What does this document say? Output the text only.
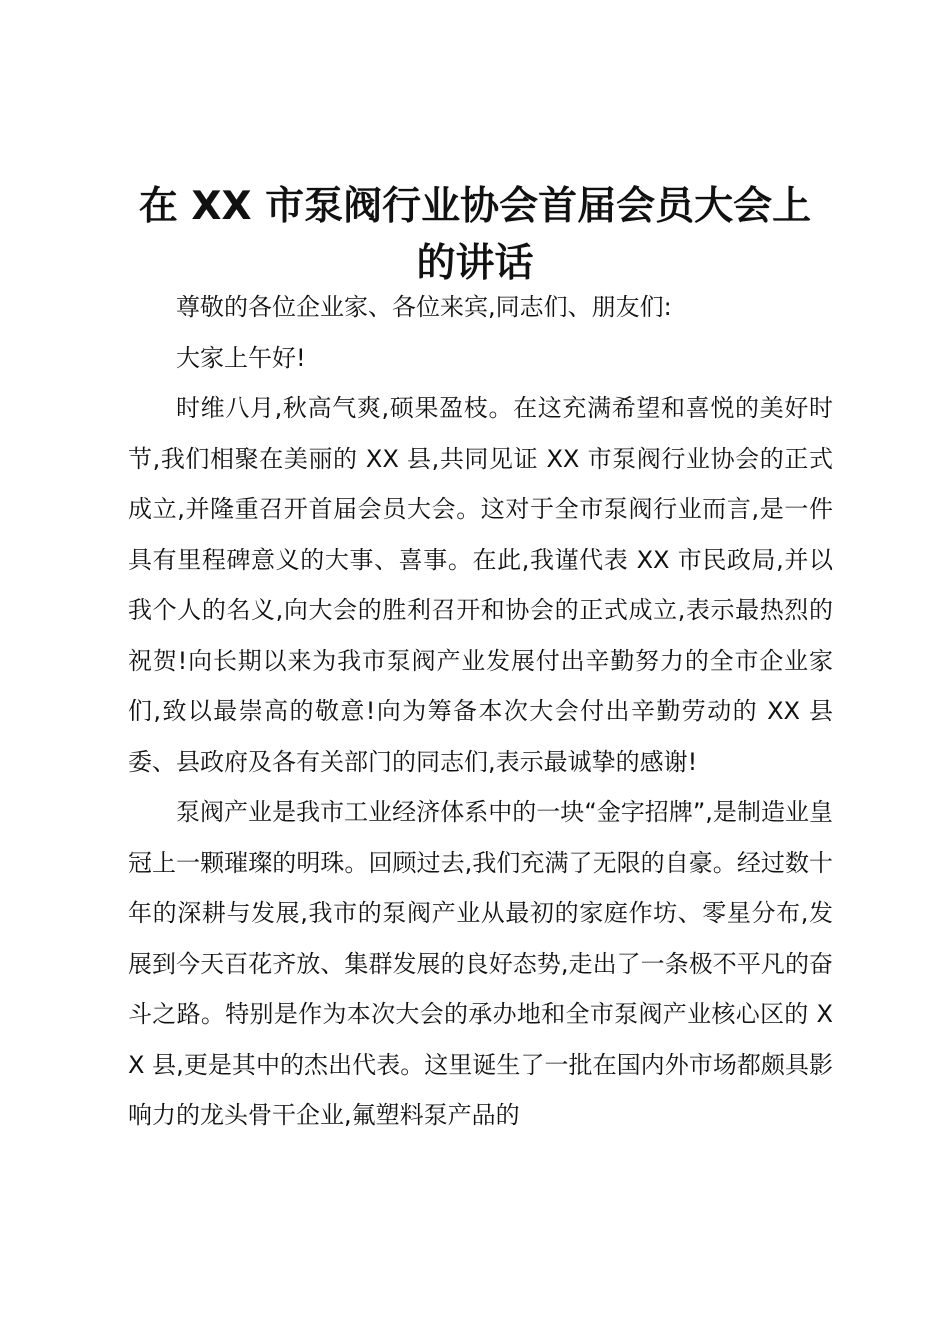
在 XX 市泵阀行业协会首届会员大会上
的讲话

尊敬的各位企业家、各位来宾,同志们、朋友们:

大家上午好!

时维八月,秋高气爽,硕果盈枝。在这充满希望和喜悦的美好时节,我们相聚在美丽的 XX 县,共同见证 XX 市泵阀行业协会的正式成立,并隆重召开首届会员大会。这对于全市泵阀行业而言,是一件具有里程碑意义的大事、喜事。在此,我谨代表 XX 市民政局,并以我个人的名义,向大会的胜利召开和协会的正式成立,表示最热烈的祝贺!向长期以来为我市泵阀产业发展付出辛勤努力的全市企业家们,致以最崇高的敬意!向为筹备本次大会付出辛勤劳动的 XX 县委、县政府及各有关部门的同志们,表示最诚挚的感谢!

泵阀产业是我市工业经济体系中的一块“金字招牌”,是制造业皇冠上一颗璀璨的明珠。回顾过去,我们充满了无限的自豪。经过数十年的深耕与发展,我市的泵阀产业从最初的家庭作坊、零星分布,发展到今天百花齐放、集群发展的良好态势,走出了一条极不平凡的奋斗之路。特别是作为本次大会的承办地和全市泵阀产业核心区的 XX 县,更是其中的杰出代表。这里诞生了一批在国内外市场都颇具影响力的龙头骨干企业,氟塑料泵产品的
